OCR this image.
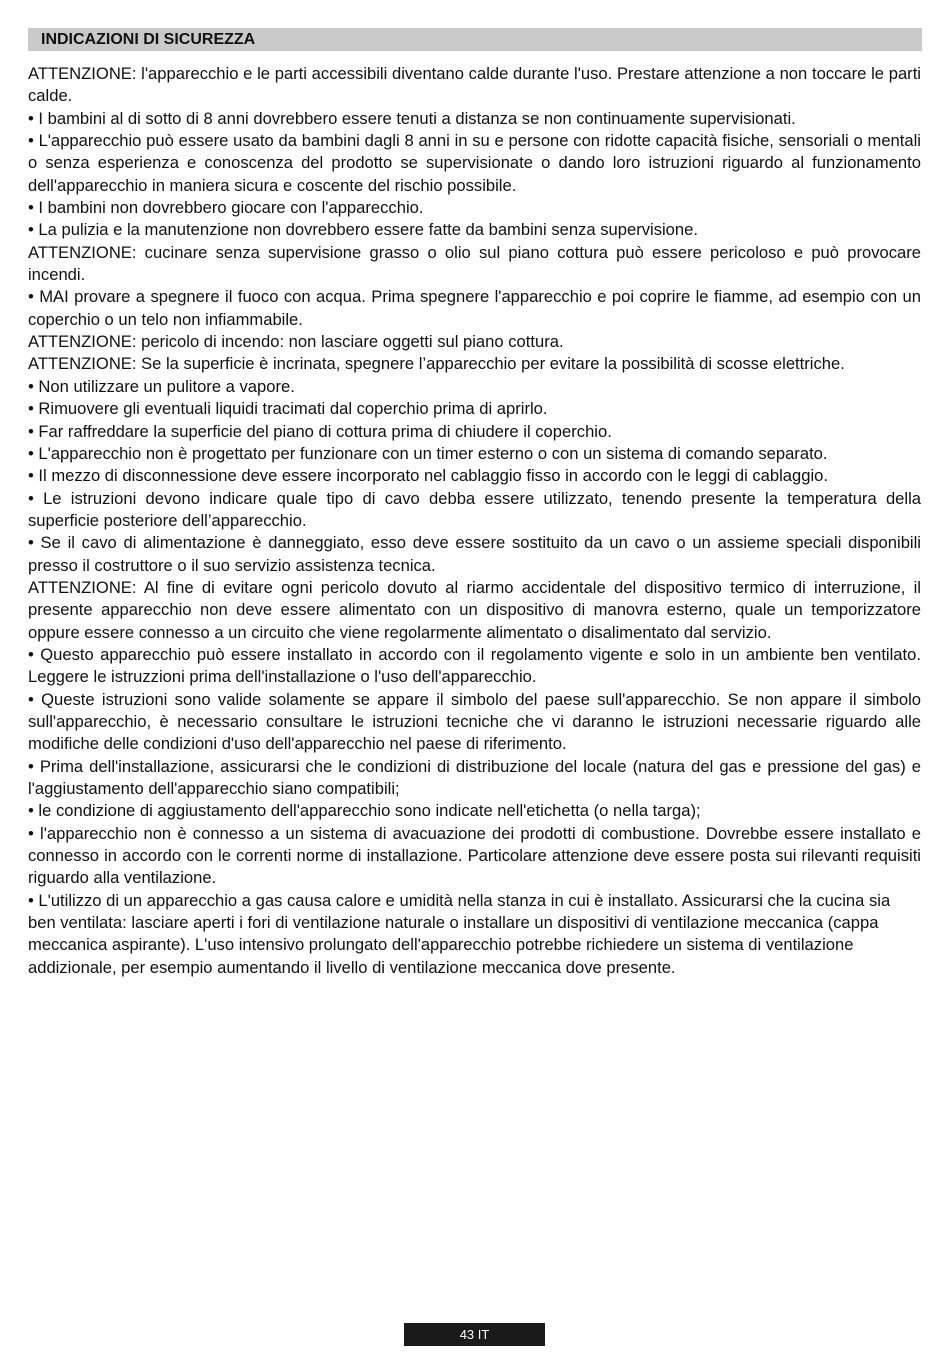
INDICAZIONI DI SICUREZZA

ATTENZIONE: l'apparecchio e le parti accessibili diventano calde durante l'uso. Prestare attenzione a non toccare le parti calde.

• I bambini al di sotto di 8 anni dovrebbero essere tenuti a distanza se non continuamente supervisionati.

• L'apparecchio può essere usato da bambini dagli 8 anni in su e persone con ridotte capacità fisiche, sensoriali o mentali o senza esperienza e conoscenza del prodotto se supervisionate o dando loro istruzioni riguardo al funzionamento dell'apparecchio in maniera sicura e coscente del rischio possibile.

• I bambini non dovrebbero giocare con l'apparecchio.

• La pulizia e la manutenzione non dovrebbero essere fatte da bambini senza supervisione.

ATTENZIONE: cucinare senza supervisione grasso o olio sul piano cottura può essere pericoloso e può provocare incendi.

• MAI provare a spegnere il fuoco con acqua. Prima spegnere l'apparecchio e poi coprire le fiamme, ad esempio con un coperchio o un telo non infiammabile.

ATTENZIONE: pericolo di incendo: non lasciare oggetti sul piano cottura.

ATTENZIONE: Se la superficie è incrinata, spegnere l’apparecchio per evitare la possibilità di scosse elettriche.

• Non utilizzare un pulitore a vapore.

• Rimuovere gli eventuali liquidi tracimati dal coperchio prima di aprirlo.

• Far raffreddare la superficie del piano di cottura prima di chiudere il coperchio.

• L'apparecchio non è progettato per funzionare con un timer esterno o con un sistema di comando separato.

• Il mezzo di disconnessione deve essere incorporato nel cablaggio fisso in accordo con le leggi di cablaggio.

• Le istruzioni devono indicare quale tipo di cavo debba essere utilizzato, tenendo presente la temperatura della superficie posteriore dell’apparecchio.

• Se il cavo di alimentazione è danneggiato, esso deve essere sostituito da un cavo o un assieme speciali disponibili presso il costruttore o il suo servizio assistenza tecnica.

ATTENZIONE: Al fine di evitare ogni pericolo dovuto al riarmo accidentale del dispositivo termico di interruzione, il presente apparecchio non deve essere alimentato con un dispositivo di manovra esterno, quale un temporizzatore oppure essere connesso a un circuito che viene regolarmente alimentato o disalimentato dal servizio.

• Questo apparecchio può essere installato in accordo con il regolamento vigente e solo in un ambiente ben ventilato. Leggere le istruzzioni prima dell'installazione o l'uso dell'apparecchio.

• Queste istruzioni sono valide solamente se appare il simbolo del paese sull'apparecchio. Se non appare il simbolo sull'apparecchio, è necessario consultare le istruzioni tecniche che vi daranno le istruzioni necessarie riguardo alle modifiche delle condizioni d'uso dell'apparecchio nel paese di riferimento.

• Prima dell'installazione, assicurarsi che le condizioni di distribuzione del locale (natura del gas e pressione del gas) e l'aggiustamento dell'apparecchio siano compatibili;

• le condizione di aggiustamento dell'apparecchio sono indicate nell'etichetta (o nella targa);

• l'apparecchio non è connesso a un sistema di avacuazione dei prodotti di combustione. Dovrebbe essere installato e connesso in accordo con le correnti norme di installazione. Particolare attenzione deve essere posta sui rilevanti requisiti riguardo alla ventilazione.

• L'utilizzo di un apparecchio a gas causa calore e umidità nella stanza in cui è installato. Assicurarsi che la cucina sia ben ventilata: lasciare aperti i fori di ventilazione naturale o installare un dispositivi di ventilazione meccanica (cappa meccanica aspirante). L'uso intensivo prolungato dell'apparecchio potrebbe richiedere un sistema di ventilazione addizionale, per esempio aumentando il livello di ventilazione meccanica dove presente.

43 IT
